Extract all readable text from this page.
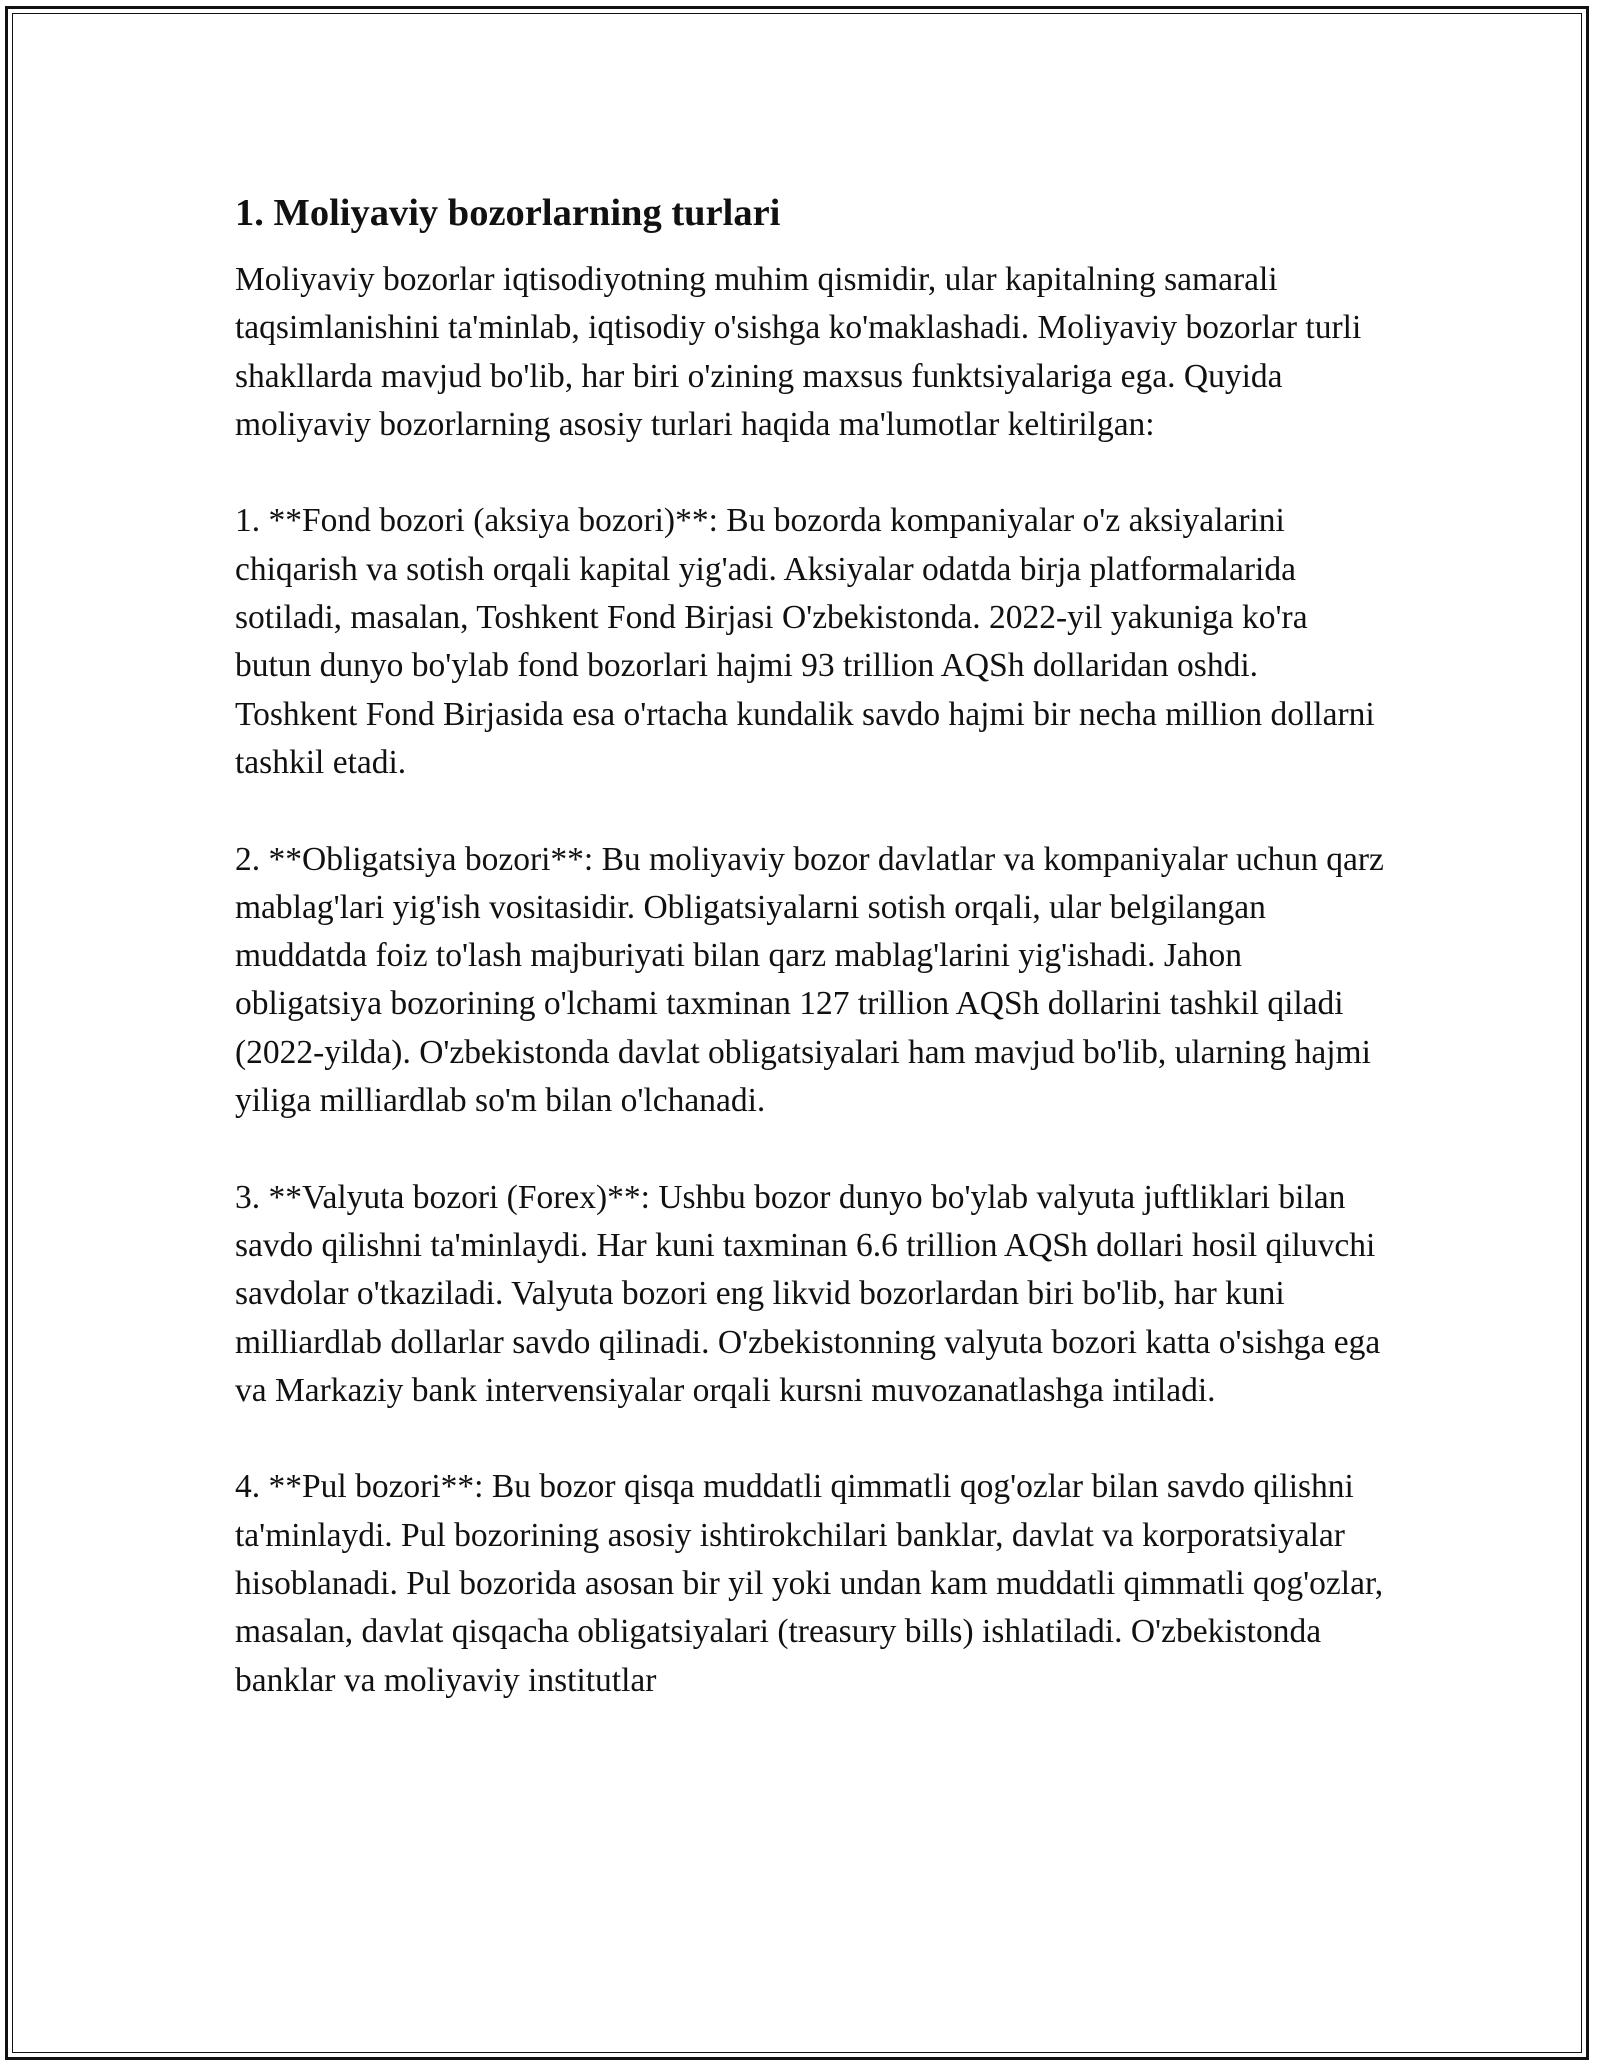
1. Moliyaviy bozorlarning turlari

Moliyaviy bozorlar iqtisodiyotning muhim qismidir, ular kapitalning samarali taqsimlanishini ta'minlab, iqtisodiy o'sishga ko'maklashadi. Moliyaviy bozorlar turli shakllarda mavjud bo'lib, har biri o'zining maxsus funktsiyalariga ega. Quyida moliyaviy bozorlarning asosiy turlari haqida ma'lumotlar keltirilgan:

1. **Fond bozori (aksiya bozori)**: Bu bozorda kompaniyalar o'z aksiyalarini chiqarish va sotish orqali kapital yig'adi. Aksiyalar odatda birja platformalarida sotiladi, masalan, Toshkent Fond Birjasi O'zbekistonda. 2022-yil yakuniga ko'ra butun dunyo bo'ylab fond bozorlari hajmi 93 trillion AQSh dollaridan oshdi. Toshkent Fond Birjasida esa o'rtacha kundalik savdo hajmi bir necha million dollarni tashkil etadi.

2. **Obligatsiya bozori**: Bu moliyaviy bozor davlatlar va kompaniyalar uchun qarz mablag'lari yig'ish vositasidir. Obligatsiyalarni sotish orqali, ular belgilangan muddatda foiz to'lash majburiyati bilan qarz mablag'larini yig'ishadi. Jahon obligatsiya bozorining o'lchami taxminan 127 trillion AQSh dollarini tashkil qiladi (2022-yilda). O'zbekistonda davlat obligatsiyalari ham mavjud bo'lib, ularning hajmi yiliga milliardlab so'm bilan o'lchanadi.

3. **Valyuta bozori (Forex)**: Ushbu bozor dunyo bo'ylab valyuta juftliklari bilan savdo qilishni ta'minlaydi. Har kuni taxminan 6.6 trillion AQSh dollari hosil qiluvchi savdolar o'tkaziladi. Valyuta bozori eng likvid bozorlardan biri bo'lib, har kuni milliardlab dollarlar savdo qilinadi. O'zbekistonning valyuta bozori katta o'sishga ega va Markaziy bank intervensiyalar orqali kursni muvozanatlashga intiladi.

4. **Pul bozori**: Bu bozor qisqa muddatli qimmatli qog'ozlar bilan savdo qilishni ta'minlaydi. Pul bozorining asosiy ishtirokchilari banklar, davlat va korporatsiyalar hisoblanadi. Pul bozorida asosan bir yil yoki undan kam muddatli qimmatli qog'ozlar, masalan, davlat qisqacha obligatsiyalari (treasury bills) ishlatiladi. O'zbekistonda banklar va moliyaviy institutlar
